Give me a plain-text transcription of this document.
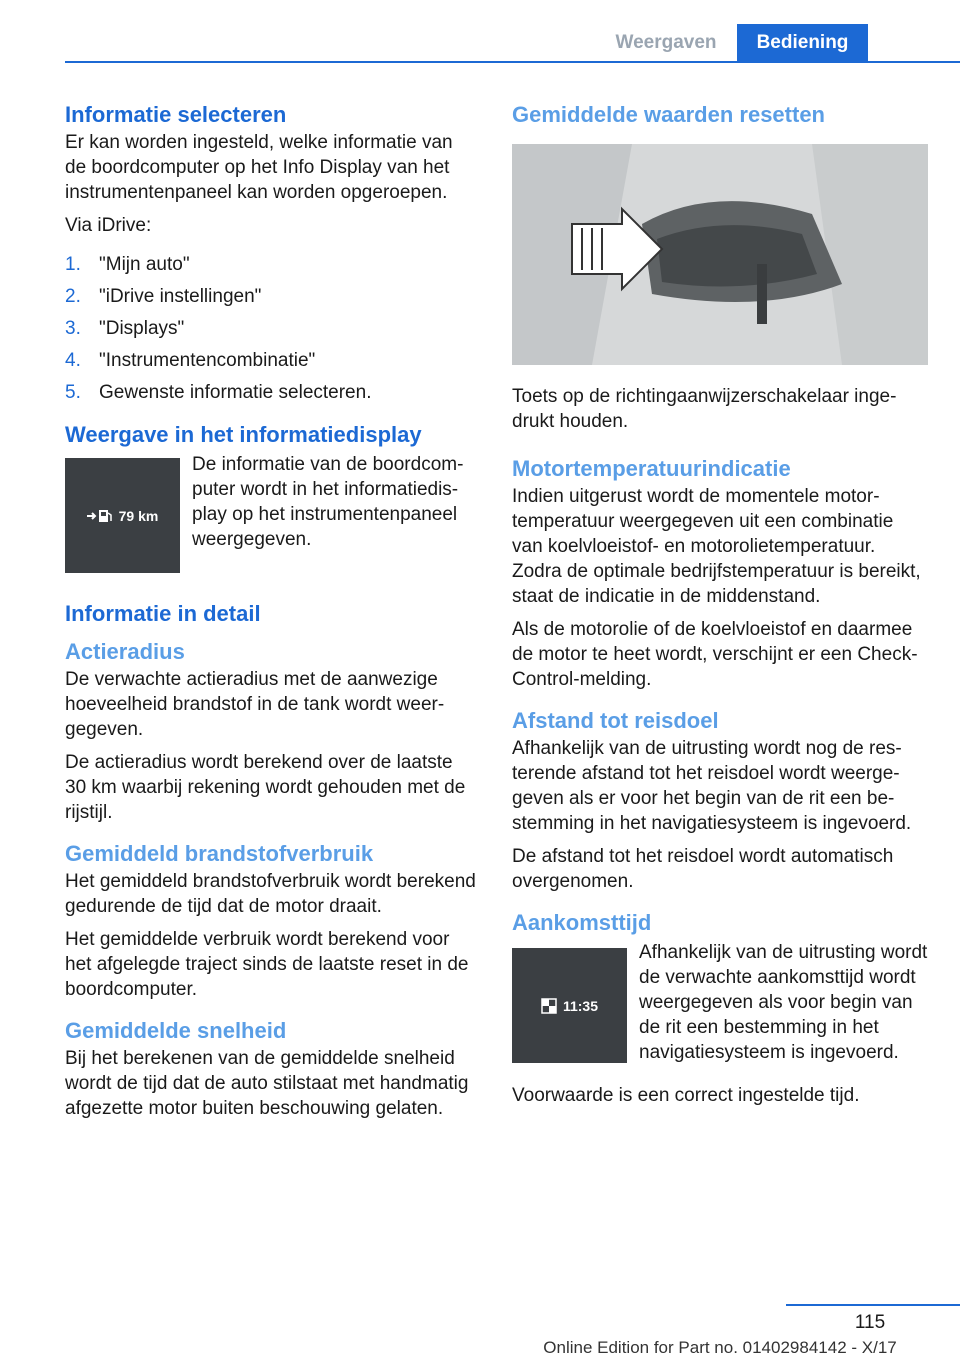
Weergaven	Bediening
Informatie selecteren

Er kan worden ingesteld, welke informatie van de boordcomputer op het Info Display van het instrumentenpaneel kan worden opgeroepen.

Via iDrive:

1. "Mijn auto"
2. "iDrive instellingen"
3. "Displays"
4. "Instrumentencombinatie"
5. Gewenste informatie selecteren.
Weergave in het informatiedisplay
79 km

De informatie van de boordcomputer wordt in het informatiedisplay op het instrumentenpaneel weergegeven.

Informatie in detail
Actieradius

De verwachte actieradius met de aanwezige hoeveelheid brandstof in de tank wordt weergegeven.

De actieradius wordt berekend over de laatste 30 km waarbij rekening wordt gehouden met de rijstijl.

Gemiddeld brandstofverbruik

Het gemiddeld brandstofverbruik wordt berekend gedurende de tijd dat de motor draait.

Het gemiddelde verbruik wordt berekend voor het afgelegde traject sinds de laatste reset in de boordcomputer.

Gemiddelde snelheid

Bij het berekenen van de gemiddelde snelheid wordt de tijd dat de auto stilstaat met handmatig afgezette motor buiten beschouwing gelaten.

Gemiddelde waarden resetten

Toets op de richtingaanwijzerschakelaar ingedrukt houden.

Motortemperatuurindicatie

Indien uitgerust wordt de momentele motortemperatuur weergegeven uit een combinatie van koelvloeistof- en motorolietemperatuur. Zodra de optimale bedrijfstemperatuur is bereikt, staat de indicatie in de middenstand.

Als de motorolie of de koelvloeistof en daarmee de motor te heet wordt, verschijnt er een Check-Control-melding.

Afstand tot reisdoel

Afhankelijk van de uitrusting wordt nog de resterende afstand tot het reisdoel wordt weergegeven als er voor het begin van de rit een bestemming in het navigatiesysteem is ingevoerd.

De afstand tot het reisdoel wordt automatisch overgenomen.

Aankomsttijd
11:35

Afhankelijk van de uitrusting wordt de verwachte aankomsttijd wordt weergegeven als voor begin van de rit een bestemming in het navigatiesysteem is ingevoerd.

Voorwaarde is een correct ingestelde tijd.

115
Online Edition for Part no. 01402984142 - X/17
